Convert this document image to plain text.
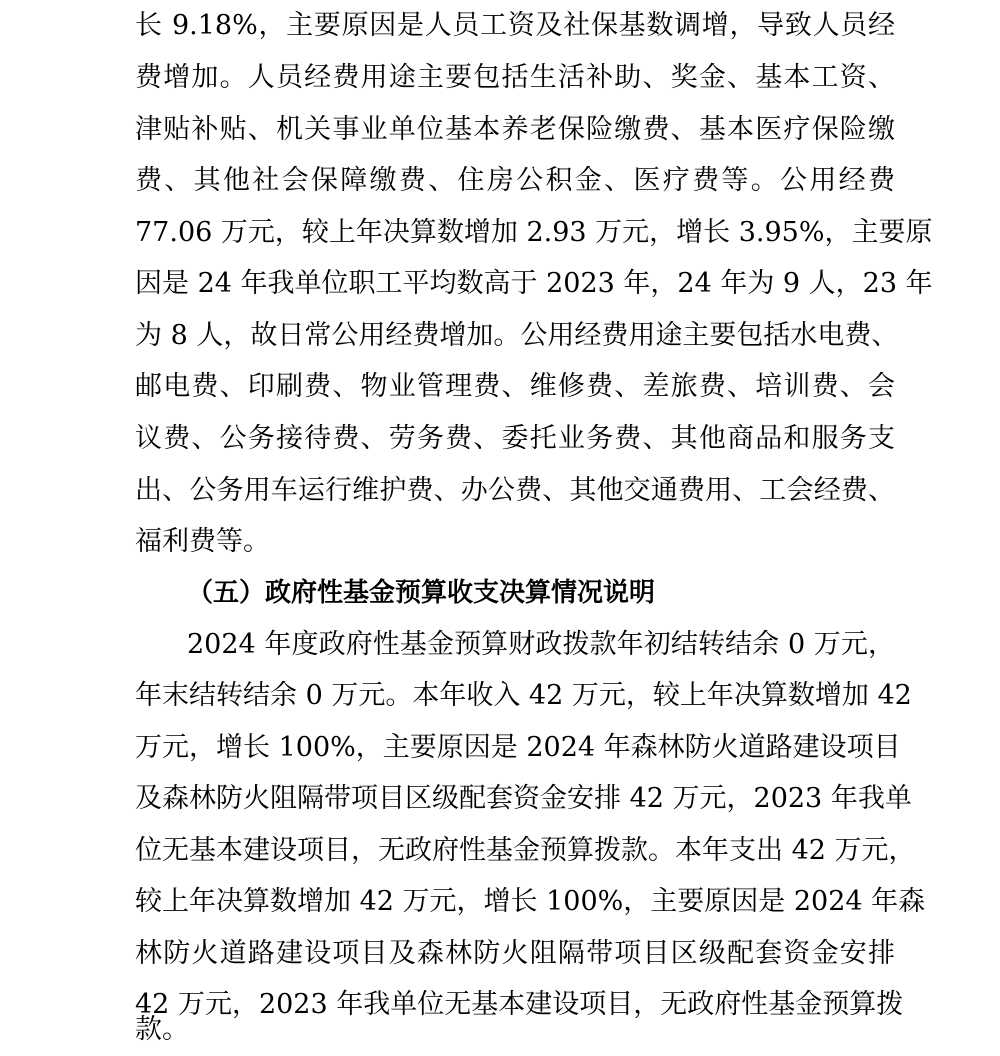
长 9.18%，主要原因是人员工资及社保基数调增，导致人员经
费增加。人员经费用途主要包括生活补助、奖金、基本工资、
津贴补贴、机关事业单位基本养老保险缴费、基本医疗保险缴
费、其他社会保障缴费、住房公积金、医疗费等。公用经费
77.06 万元，较上年决算数增加 2.93 万元，增长 3.95%，主要原
因是 24 年我单位职工平均数高于 2023 年，24 年为 9 人，23 年
为 8 人，故日常公用经费增加。公用经费用途主要包括水电费、
邮电费、印刷费、物业管理费、维修费、差旅费、培训费、会
议费、公务接待费、劳务费、委托业务费、其他商品和服务支
出、公务用车运行维护费、办公费、其他交通费用、工会经费、
福利费等。
（五）政府性基金预算收支决算情况说明
2024 年度政府性基金预算财政拨款年初结转结余 0 万元，
年末结转结余 0 万元。本年收入 42 万元，较上年决算数增加 42
万元，增长 100%，主要原因是 2024 年森林防火道路建设项目
及森林防火阻隔带项目区级配套资金安排 42 万元，2023 年我单
位无基本建设项目，无政府性基金预算拨款。本年支出 42 万元，
较上年决算数增加 42 万元，增长 100%，主要原因是 2024 年森
林防火道路建设项目及森林防火阻隔带项目区级配套资金安排
42 万元，2023 年我单位无基本建设项目，无政府性基金预算拨
款。
